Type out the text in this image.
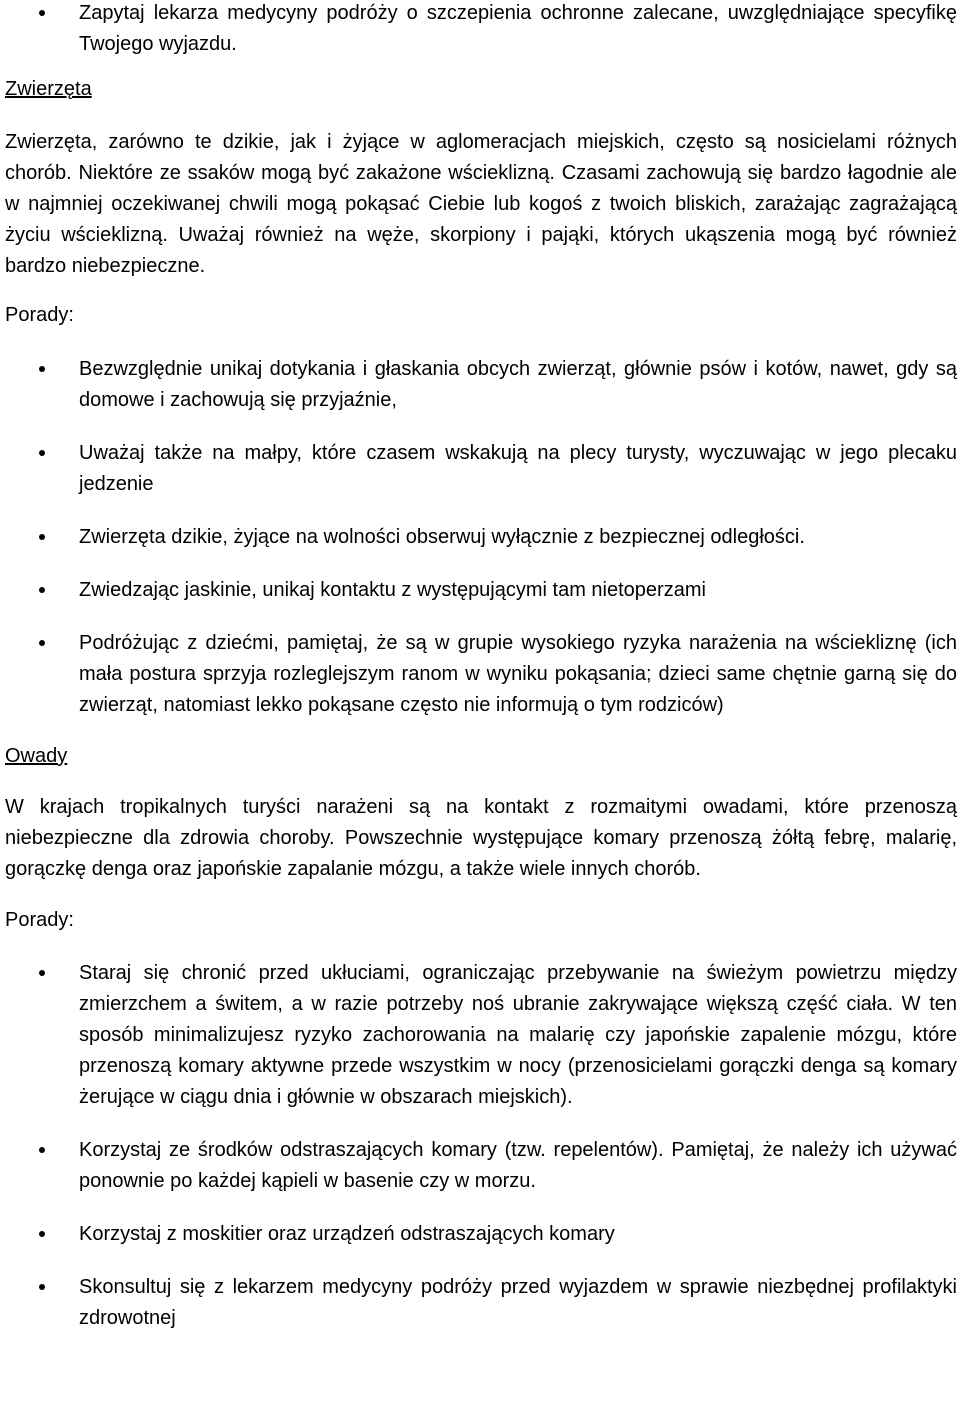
Zapytaj lekarza medycyny podróży o szczepienia ochronne zalecane, uwzględniające specyfikę Twojego wyjazdu.

Zwierzęta

Zwierzęta, zarówno te dzikie, jak i żyjące w aglomeracjach miejskich, często są nosicielami różnych chorób. Niektóre ze ssaków mogą być zakażone wścieklizną. Czasami zachowują się bardzo łagodnie ale w najmniej oczekiwanej chwili mogą pokąsać Ciebie lub kogoś z twoich bliskich, zarażając zagrażającą życiu wścieklizną. Uważaj również na węże, skorpiony i pająki, których ukąszenia mogą być również bardzo niebezpieczne.

Porady:

Bezwzględnie unikaj dotykania i głaskania obcych zwierząt, głównie psów i kotów, nawet, gdy są domowe i zachowują się przyjaźnie,
Uważaj także na małpy, które czasem wskakują na plecy turysty, wyczuwając w jego plecaku jedzenie
Zwierzęta dzikie, żyjące na wolności obserwuj wyłącznie z bezpiecznej odległości.
Zwiedzając jaskinie, unikaj kontaktu z występującymi tam nietoperzami
Podróżując z dziećmi, pamiętaj, że są w grupie wysokiego ryzyka narażenia na wściekliznę (ich mała postura sprzyja rozleglejszym ranom w wyniku pokąsania; dzieci same chętnie garną się do zwierząt, natomiast lekko pokąsane często nie informują o tym rodziców)

Owady

W krajach tropikalnych turyści narażeni są na kontakt z rozmaitymi owadami, które przenoszą niebezpieczne dla zdrowia choroby. Powszechnie występujące komary przenoszą żółtą febrę, malarię, gorączkę denga oraz japońskie zapalanie mózgu, a także wiele innych chorób.

Porady:

Staraj się chronić przed ukłuciami, ograniczając przebywanie na świeżym powietrzu między zmierzchem a świtem, a w razie potrzeby noś ubranie zakrywające większą część ciała. W ten sposób minimalizujesz ryzyko zachorowania na malarię czy japońskie zapalenie mózgu, które przenoszą komary aktywne przede wszystkim w nocy (przenosicielami gorączki denga są komary żerujące w ciągu dnia i głównie w obszarach miejskich).
Korzystaj ze środków odstraszających komary (tzw. repelentów). Pamiętaj, że należy ich używać ponownie po każdej kąpieli w basenie czy w morzu.
Korzystaj z moskitier oraz urządzeń odstraszających komary
Skonsultuj się z lekarzem medycyny podróży przed wyjazdem w sprawie niezbędnej profilaktyki zdrowotnej
